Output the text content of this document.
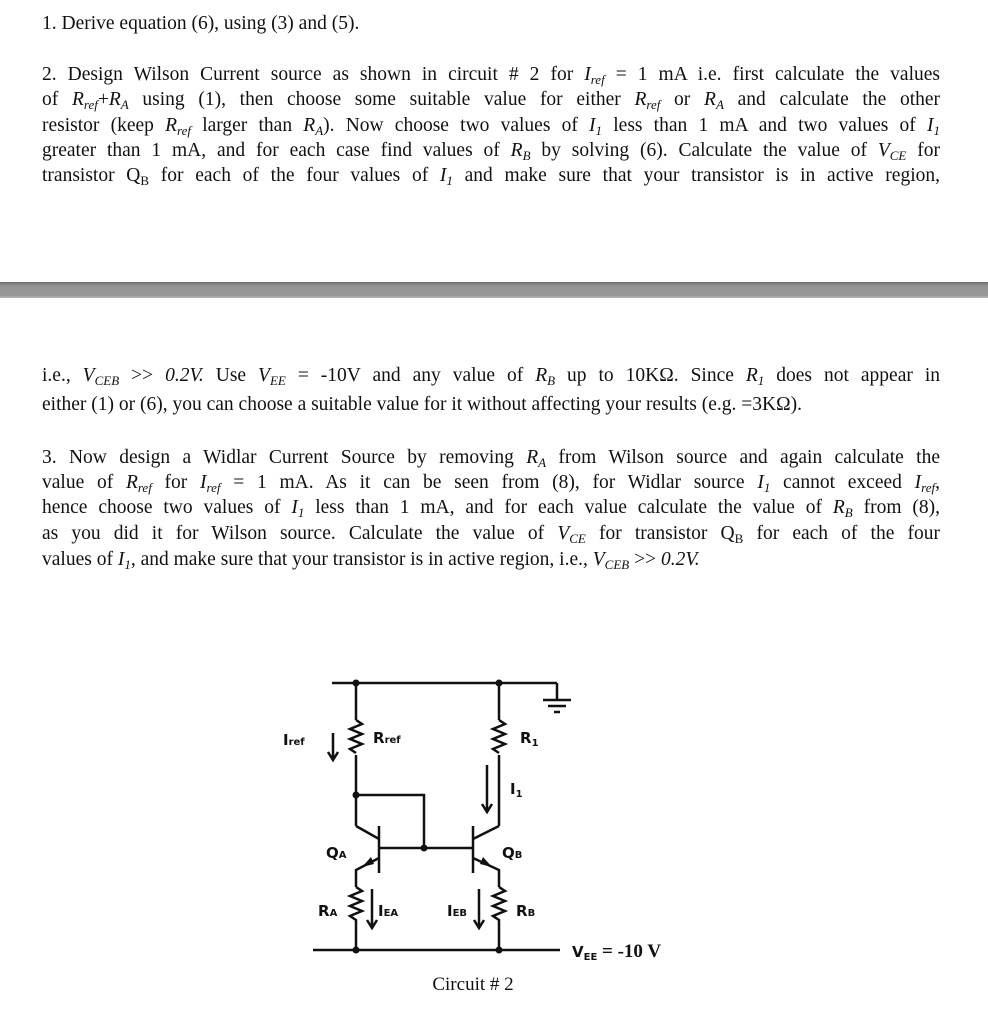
1. Derive equation (6), using (3) and (5).
2. Design Wilson Current source as shown in circuit # 2 for $I_{ref} = 1$ mA i.e. first calculate the values
of $R_{ref}+R_A$ using (1), then choose some suitable value for either $R_{ref}$ or $R_A$ and calculate the other
resistor (keep $R_{ref}$ larger than $R_A$). Now choose two values of $I_1$ less than 1 mA and two values of $I_1$
greater than 1 mA, and for each case find values of $R_B$ by solving (6). Calculate the value of $V_{CE}$ for
transistor $Q_B$ for each of the four values of $I_1$ and make sure that your transistor is in active region,
i.e., $V_{CEB} >> 0.2V$. Use $V_{EE} = -10V$ and any value of $R_B$ up to 10KΩ. Since $R_1$ does not appear in
either (1) or (6), you can choose a suitable value for it without affecting your results (e.g. =3KΩ).
3. Now design a Widlar Current Source by removing $R_A$ from Wilson source and again calculate the
value of $R_{ref}$ for $I_{ref} = 1$ mA. As it can be seen from (8), for Widlar source $I_1$ cannot exceed $I_{ref}$,
hence choose two values of $I_1$ less than 1 mA, and for each value calculate the value of $R_B$ from (8),
as you did it for Wilson source. Calculate the value of $V_{CE}$ for transistor $Q_B$ for each of the four
values of $I_1$, and make sure that your transistor is in active region, i.e., $V_{CEB} >> 0.2V$.
Iref	Rref	$R_1$
$I_1$
QA	QB
RA	IEA	IEB	RB
$V_{EE} = -10$ V
Circuit # 2
